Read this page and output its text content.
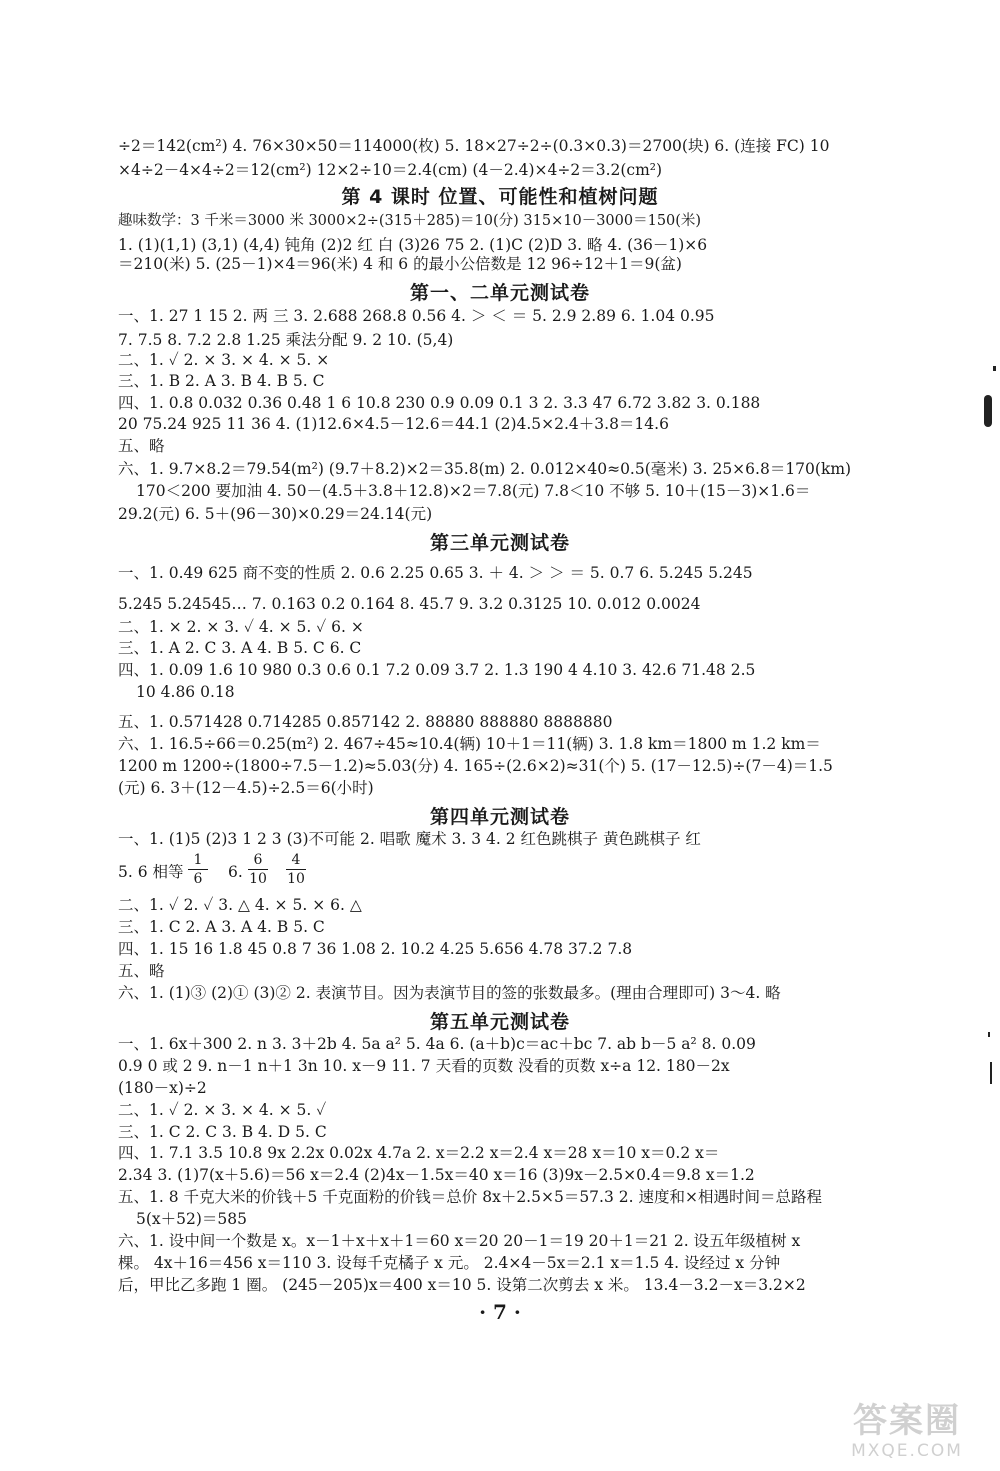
÷2＝142(cm²) 4. 76×30×50＝114000(枚) 5. 18×27÷2÷(0.3×0.3)＝2700(块) 6. (连接 FC) 10
×4÷2－4×4÷2＝12(cm²) 12×2÷10＝2.4(cm) (4－2.4)×4÷2＝3.2(cm²)
第 4 课时 位置、可能性和植树问题
趣味数学：3 千米＝3000 米 3000×2÷(315＋285)＝10(分) 315×10－3000＝150(米)
1. (1)(1,1) (3,1) (4,4) 钝角 (2)2 红 白 (3)26 75 2. (1)C (2)D 3. 略 4. (36－1)×6
＝210(米) 5. (25－1)×4＝96(米) 4 和 6 的最小公倍数是 12 96÷12＋1＝9(盆)
第一、二单元测试卷
一、1. 27 1 15 2. 两 三 3. 2.688 268.8 0.56 4. ＞ ＜ ＝ 5. 2.9 2.89 6. 1.04 0.95
7. 7.5 8. 7.2 2.8 1.25 乘法分配 9. 2 10. (5,4)
二、1. ✓ 2. × 3. × 4. × 5. ×
三、1. B 2. A 3. B 4. B 5. C
四、1. 0.8 0.032 0.36 0.48 1 6 10.8 230 0.9 0.09 0.1 3 2. 3.3 47 6.72 3.82 3. 0.188
20 75.24 925 11 36 4. (1)12.6×4.5－12.6＝44.1 (2)4.5×2.4＋3.8＝14.6
五、略
六、1. 9.7×8.2＝79.54(m²) (9.7＋8.2)×2＝35.8(m) 2. 0.012×40≈0.5(毫米) 3. 25×6.8＝170(km)
170＜200 要加油 4. 50－(4.5＋3.8＋12.8)×2＝7.8(元) 7.8＜10 不够 5. 10＋(15－3)×1.6＝
29.2(元) 6. 5＋(96－30)×0.29＝24.14(元)
第三单元测试卷
一、1. 0.49 625 商不变的性质 2. 0.6 2.25 0.65 3. ＋ 4. ＞ ＞ ＝ 5. 0.7 6. 5.245 5.245
5.245 5.24545… 7. 0.163 0.2 0.164 8. 45.7 9. 3.2 0.3125 10. 0.012 0.0024
二、1. × 2. × 3. ✓ 4. × 5. ✓ 6. ×
三、1. A 2. C 3. A 4. B 5. C 6. C
四、1. 0.09 1.6 10 980 0.3 0.6 0.1 7.2 0.09 3.7 2. 1.3 190 4 4.10 3. 42.6 71.48 2.5
10 4.86 0.18
五、1. 0.571428 0.714285 0.857142 2. 88880 888880 8888880
六、1. 16.5÷66＝0.25(m²) 2. 467÷45≈10.4(辆) 10＋1＝11(辆) 3. 1.8 km＝1800 m 1.2 km＝
1200 m 1200÷(1800÷7.5－1.2)≈5.03(分) 4. 165÷(2.6×2)≈31(个) 5. (17－12.5)÷(7－4)＝1.5
(元) 6. 3＋(12－4.5)÷2.5＝6(小时)
第四单元测试卷
一、1. (1)5 (2)3 1 2 3 (3)不可能 2. 唱歌 魔术 3. 3 4. 2 红色跳棋子 黄色跳棋子 红
5. 6 相等
1
6	6.
6
10
4
10
二、1. ✓ 2. ✓ 3. △ 4. × 5. × 6. △
三、1. C 2. A 3. A 4. B 5. C
四、1. 15 16 1.8 45 0.8 7 36 1.08 2. 10.2 4.25 5.656 4.78 37.2 7.8
五、略
六、1. (1)③ (2)① (3)② 2. 表演节目。因为表演节目的签的张数最多。(理由合理即可) 3～4. 略
第五单元测试卷
一、1. 6x＋300 2. n 3. 3＋2b 4. 5a a² 5. 4a 6. (a＋b)c＝ac＋bc 7. ab b－5 a² 8. 0.09
0.9 0 或 2 9. n－1 n＋1 3n 10. x－9 11. 7 天看的页数 没看的页数 x÷a 12. 180－2x
(180－x)÷2
二、1. ✓ 2. × 3. × 4. × 5. ✓
三、1. C 2. C 3. B 4. D 5. C
四、1. 7.1 3.5 10.8 9x 2.2x 0.02x 4.7a 2. x＝2.2 x＝2.4 x＝28 x＝10 x＝0.2 x＝
2.34 3. (1)7(x＋5.6)＝56 x＝2.4 (2)4x－1.5x＝40 x＝16 (3)9x－2.5×0.4＝9.8 x＝1.2
五、1. 8 千克大米的价钱＋5 千克面粉的价钱＝总价 8x＋2.5×5＝57.3 2. 速度和×相遇时间＝总路程
5(x＋52)＝585
六、1. 设中间一个数是 x。x－1＋x＋x＋1＝60 x＝20 20－1＝19 20＋1＝21 2. 设五年级植树 x
棵。 4x＋16＝456 x＝110 3. 设每千克橘子 x 元。 2.4×4－5x＝2.1 x＝1.5 4. 设经过 x 分钟
后，甲比乙多跑 1 圈。 (245－205)x＝400 x＝10 5. 设第二次剪去 x 米。 13.4－3.2－x＝3.2×2
· 7 ·
答案圈
MXQE.COM
